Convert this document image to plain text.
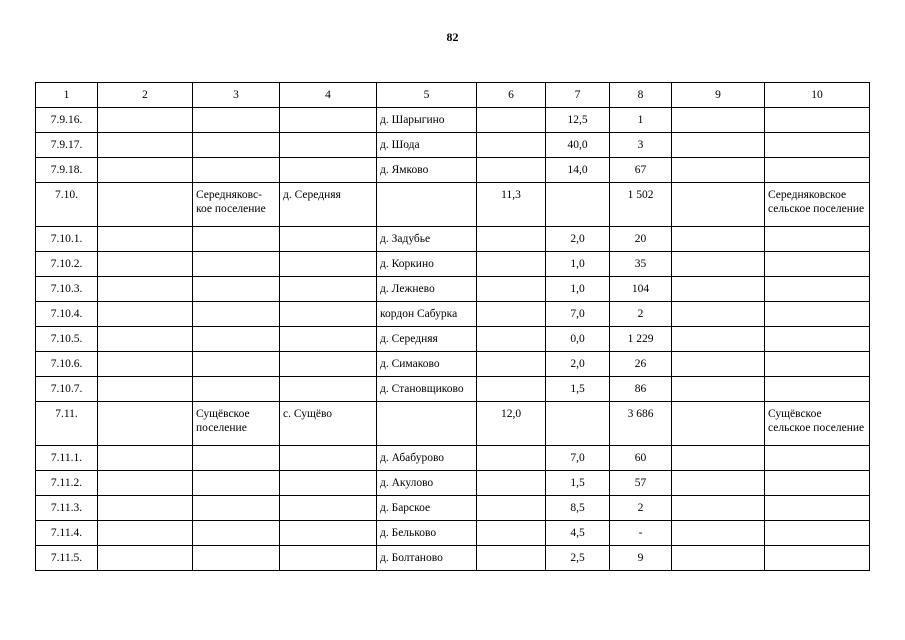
82
1	2	3	4	5	6	7	8	9	10
7.9.16.				д. Шарыгино		12,5	1		
7.9.17.				д. Шода		40,0	3		
7.9.18.				д. Ямково		14,0	67		
7.10.		Середняковс-кое поселение	д. Середняя		11,3		1 502		Середняковское сельское поселение
7.10.1.				д. Задубье		2,0	20		
7.10.2.				д. Коркино		1,0	35		
7.10.3.				д. Лежнево		1,0	104		
7.10.4.				кордон Сабурка		7,0	2		
7.10.5.				д. Середняя		0,0	1 229		
7.10.6.				д. Симаково		2,0	26		
7.10.7.				д. Становщиково		1,5	86		
7.11.		Сущёвское поселение	с. Сущёво		12,0		3 686		Сущёвское сельское поселение
7.11.1.				д. Абабурово		7,0	60		
7.11.2.				д. Акулово		1,5	57		
7.11.3.				д. Барское		8,5	2		
7.11.4.				д. Бельково		4,5	-		
7.11.5.				д. Болтаново		2,5	9		
